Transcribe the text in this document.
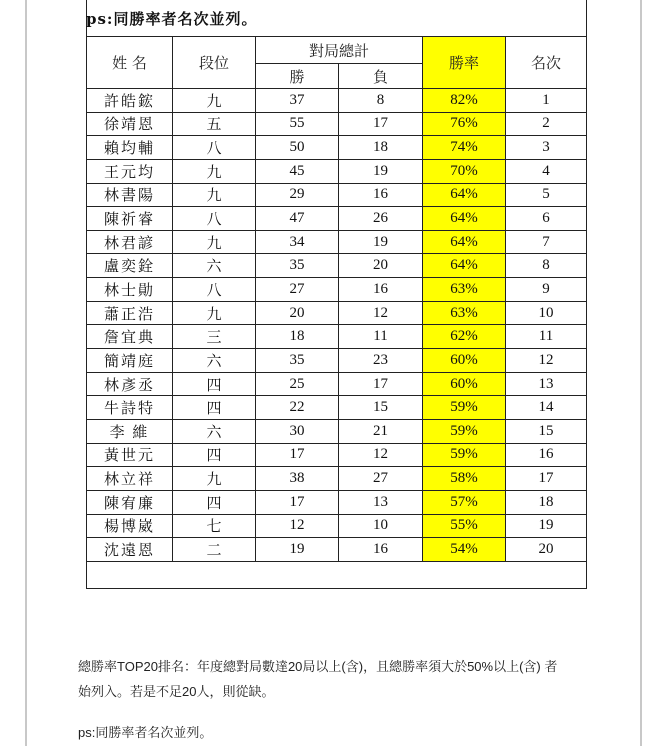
ps:同勝率者名次並列。
姓 名	段位	對局總計		勝率	名次
		勝	負		
許皓鋐	九	37	8	82%	1
徐靖恩	五	55	17	76%	2
賴均輔	八	50	18	74%	3
王元均	九	45	19	70%	4
林書陽	九	29	16	64%	5
陳祈睿	八	47	26	64%	6
林君諺	九	34	19	64%	7
盧奕銓	六	35	20	64%	8
林士勛	八	27	16	63%	9
蕭正浩	九	20	12	63%	10
詹宜典	三	18	11	62%	11
簡靖庭	六	35	23	60%	12
林彥丞	四	25	17	60%	13
牛詩特	四	22	15	59%	14
李 維	六	30	21	59%	15
黃世元	四	17	12	59%	16
林立祥	九	38	27	58%	17
陳宥廉	四	17	13	57%	18
楊博崴	七	12	10	55%	19
沈遠恩	二	19	16	54%	20
總勝率TOP20排名：年度總對局數達20局以上(含)，且總勝率須大於50%以上(含) 者
始列入。若是不足20人，則從缺。
ps:同勝率者名次並列。
